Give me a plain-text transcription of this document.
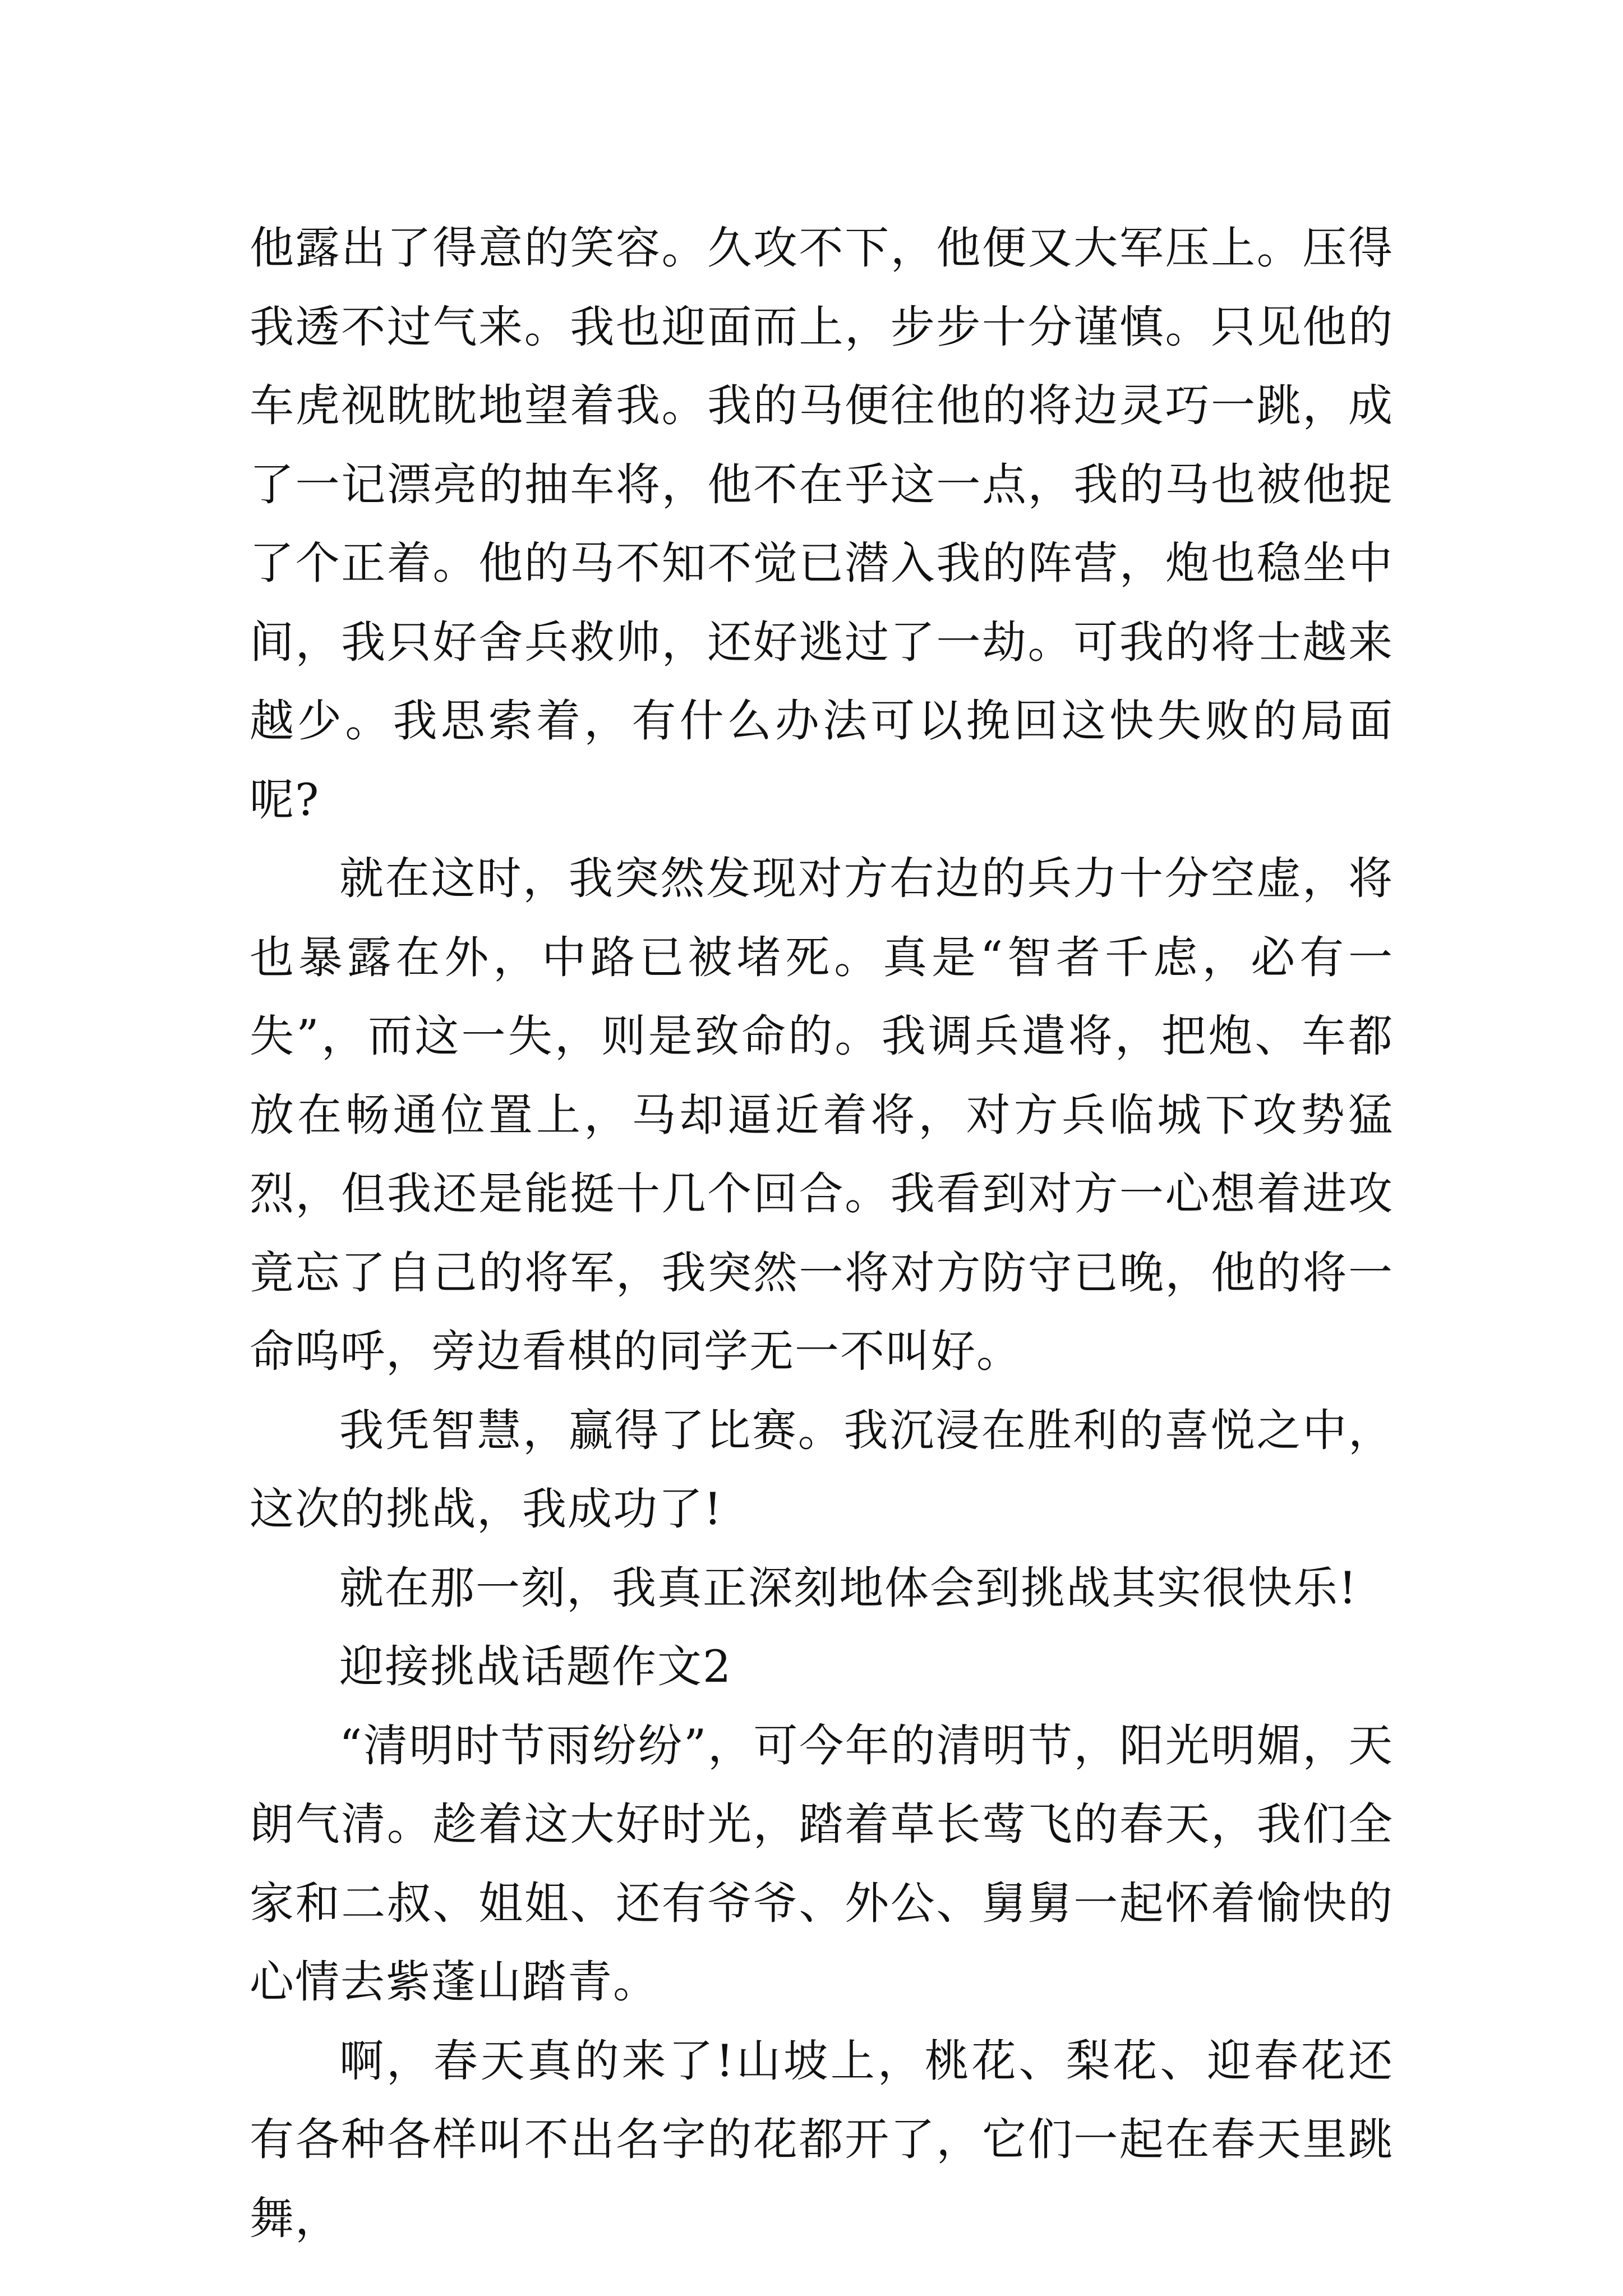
他露出了得意的笑容。久攻不下，他便又大军压上。压得我透不过气来。我也迎面而上，步步十分谨慎。只见他的车虎视眈眈地望着我。我的马便往他的将边灵巧一跳，成了一记漂亮的抽车将，他不在乎这一点，我的马也被他捉了个正着。他的马不知不觉已潜入我的阵营，炮也稳坐中间，我只好舍兵救帅，还好逃过了一劫。可我的将士越来越少。我思索着，有什么办法可以挽回这快失败的局面呢?

就在这时，我突然发现对方右边的兵力十分空虚，将也暴露在外，中路已被堵死。真是“智者千虑，必有一失”，而这一失，则是致命的。我调兵遣将，把炮、车都放在畅通位置上，马却逼近着将，对方兵临城下攻势猛烈，但我还是能挺十几个回合。我看到对方一心想着进攻竟忘了自己的将军，我突然一将对方防守已晚，他的将一命呜呼，旁边看棋的同学无一不叫好。

我凭智慧，赢得了比赛。我沉浸在胜利的喜悦之中，这次的挑战，我成功了!

就在那一刻，我真正深刻地体会到挑战其实很快乐!

迎接挑战话题作文2

“清明时节雨纷纷”，可今年的清明节，阳光明媚，天朗气清。趁着这大好时光，踏着草长莺飞的春天，我们全家和二叔、姐姐、还有爷爷、外公、舅舅一起怀着愉快的心情去紫蓬山踏青。

啊，春天真的来了!山坡上，桃花、梨花、迎春花还有各种各样叫不出名字的花都开了，它们一起在春天里跳舞，
